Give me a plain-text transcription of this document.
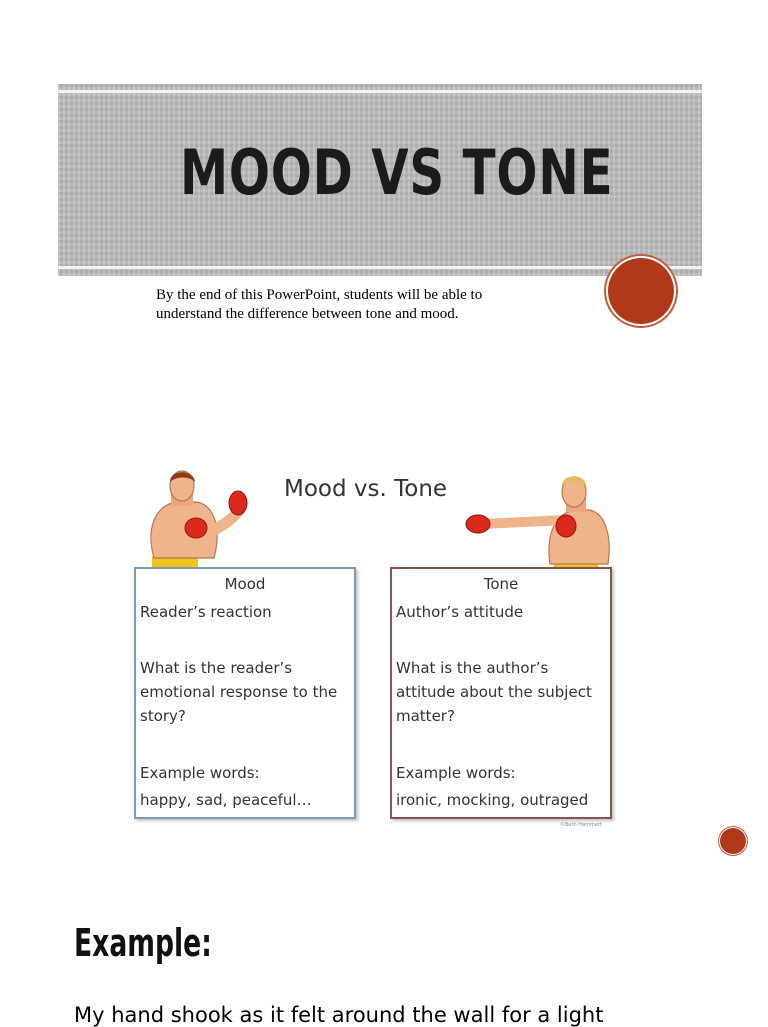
MOOD VS TONE
By the end of this PowerPoint, students will be able to
understand the difference between tone and mood.
Mood vs. Tone
Mood
Reader’s reaction
What is the reader’s
emotional response to the
story?
Example words:
happy, sad, peaceful…
Tone
Author’s attitude
What is the author’s
attitude about the subject
matter?
Example words:
ironic, mocking, outraged
©Beth Hammett
Example:
My hand shook as it felt around the wall for a light
